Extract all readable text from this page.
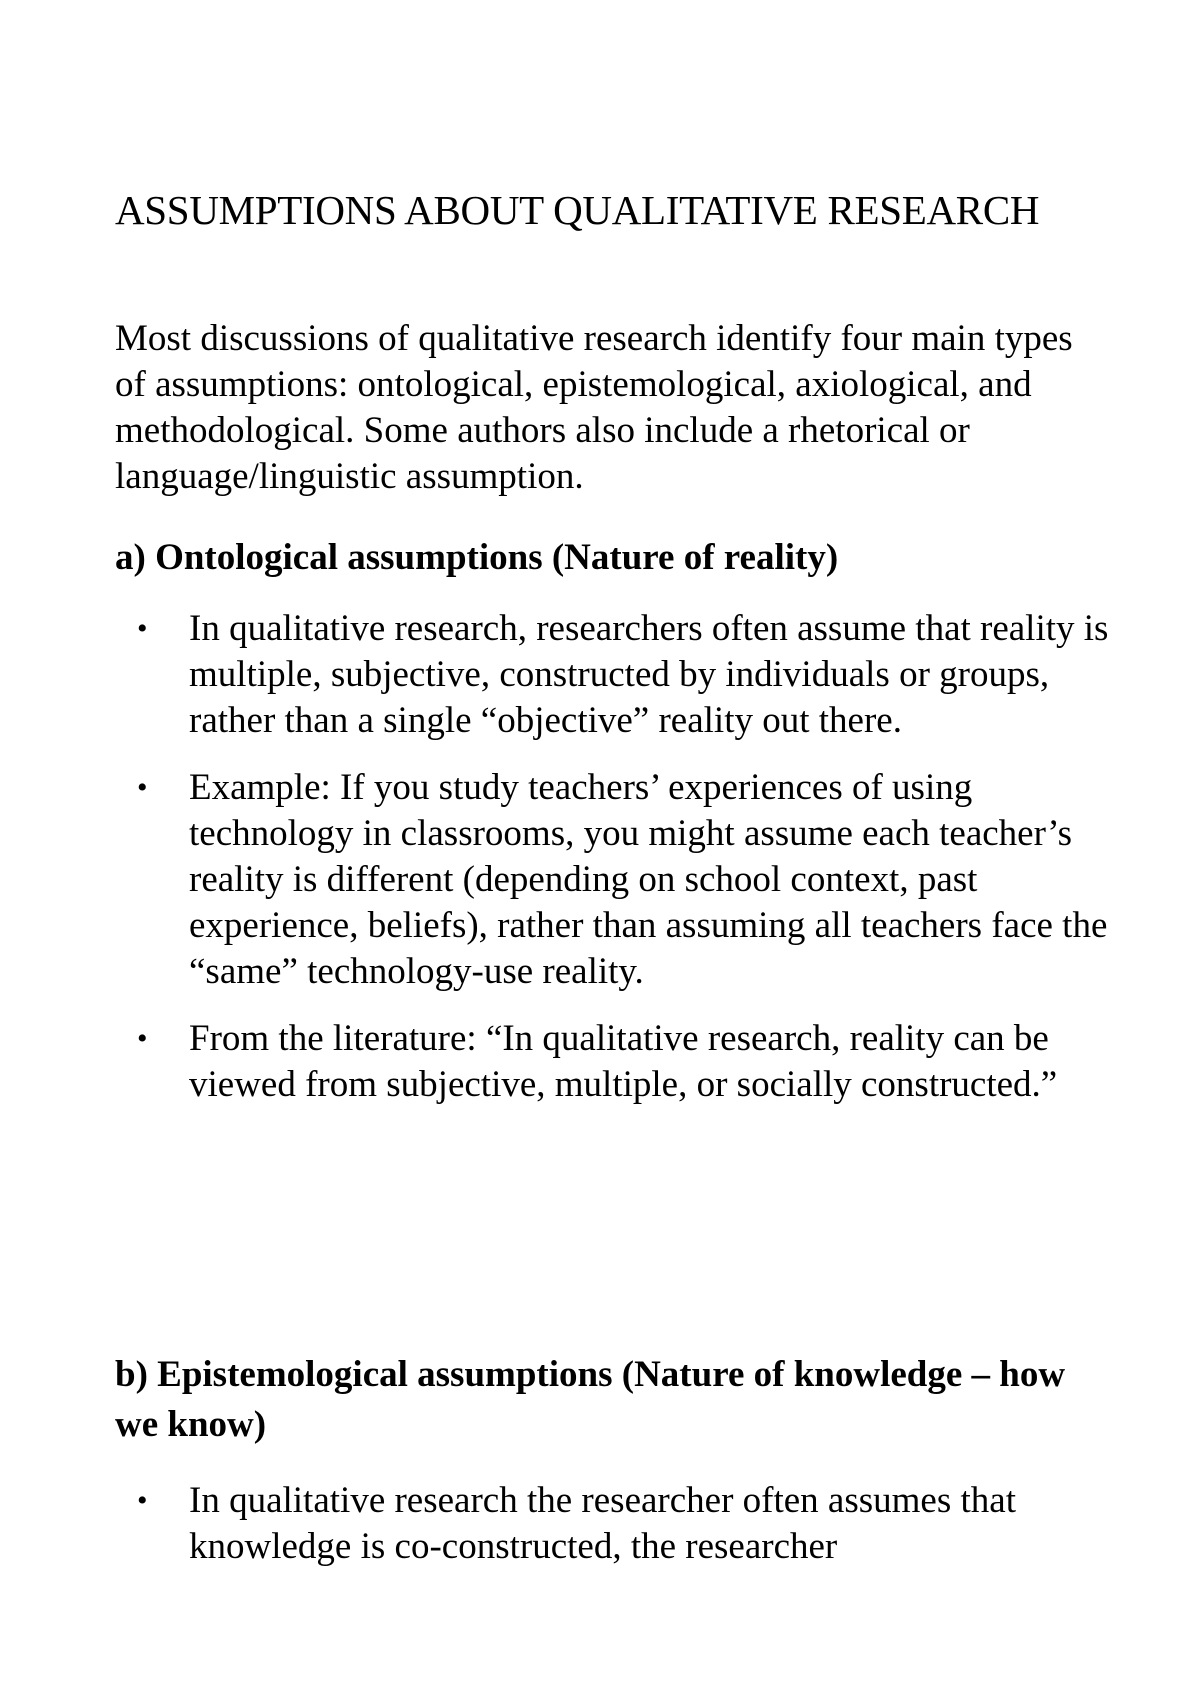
ASSUMPTIONS ABOUT QUALITATIVE RESEARCH

Most discussions of qualitative research identify four main types of assumptions: ontological, epistemological, axiological, and methodological. Some authors also include a rhetorical or language/linguistic assumption.

a) Ontological assumptions (Nature of reality)
• In qualitative research, researchers often assume that reality is multiple, subjective, constructed by individuals or groups, rather than a single “objective” reality out there.
• Example: If you study teachers’ experiences of using technology in classrooms, you might assume each teacher’s reality is different (depending on school context, past experience, beliefs), rather than assuming all teachers face the “same” technology-use reality.
• From the literature: “In qualitative research, reality can be viewed from subjective, multiple, or socially constructed.”
b) Epistemological assumptions (Nature of knowledge – how we know)
• In qualitative research the researcher often assumes that knowledge is co-constructed, the researcher
